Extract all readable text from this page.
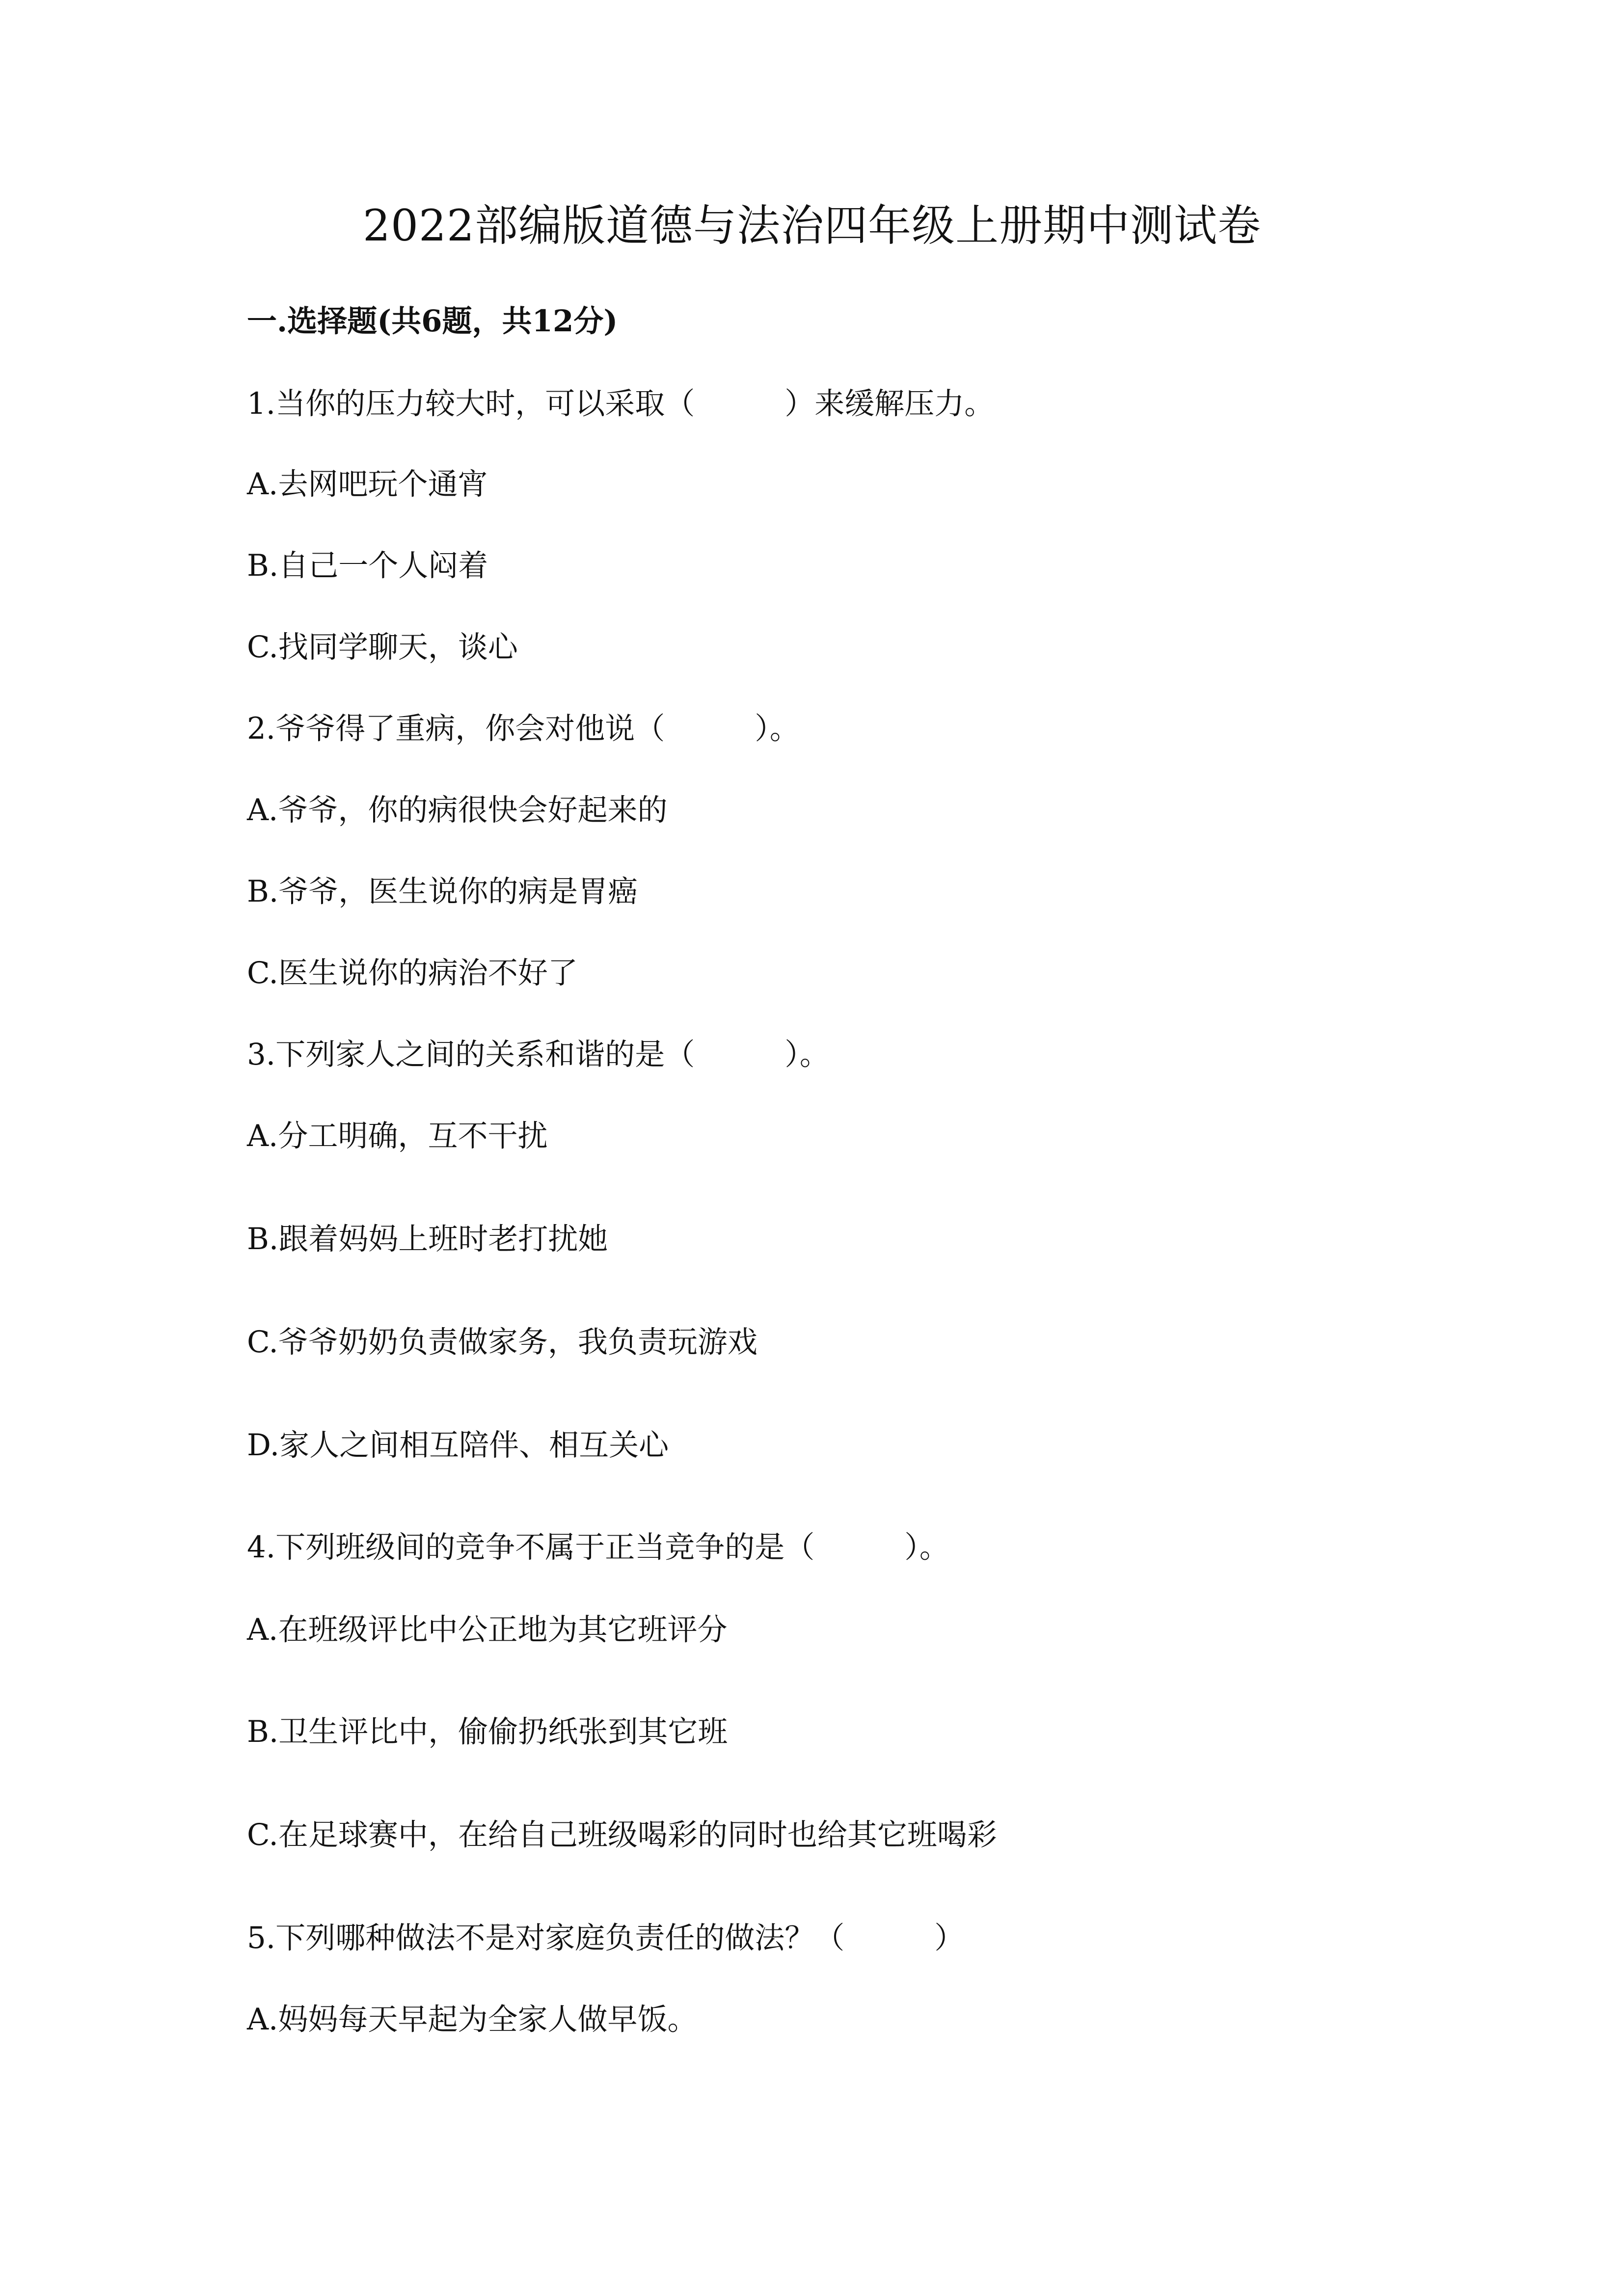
2022部编版道德与法治四年级上册期中测试卷
一.选择题(共6题，共12分)
1.当你的压力较大时，可以采取（　　　）来缓解压力。
A.去网吧玩个通宵
B.自己一个人闷着
C.找同学聊天，谈心
2.爷爷得了重病，你会对他说（　　　）。
A.爷爷，你的病很快会好起来的
B.爷爷，医生说你的病是胃癌
C.医生说你的病治不好了
3.下列家人之间的关系和谐的是（　　　）。
A.分工明确，互不干扰
B.跟着妈妈上班时老打扰她
C.爷爷奶奶负责做家务，我负责玩游戏
D.家人之间相互陪伴、相互关心
4.下列班级间的竞争不属于正当竞争的是（　　　）。
A.在班级评比中公正地为其它班评分
B.卫生评比中，偷偷扔纸张到其它班
C.在足球赛中，在给自己班级喝彩的同时也给其它班喝彩
5.下列哪种做法不是对家庭负责任的做法？（　　　）
A.妈妈每天早起为全家人做早饭。
